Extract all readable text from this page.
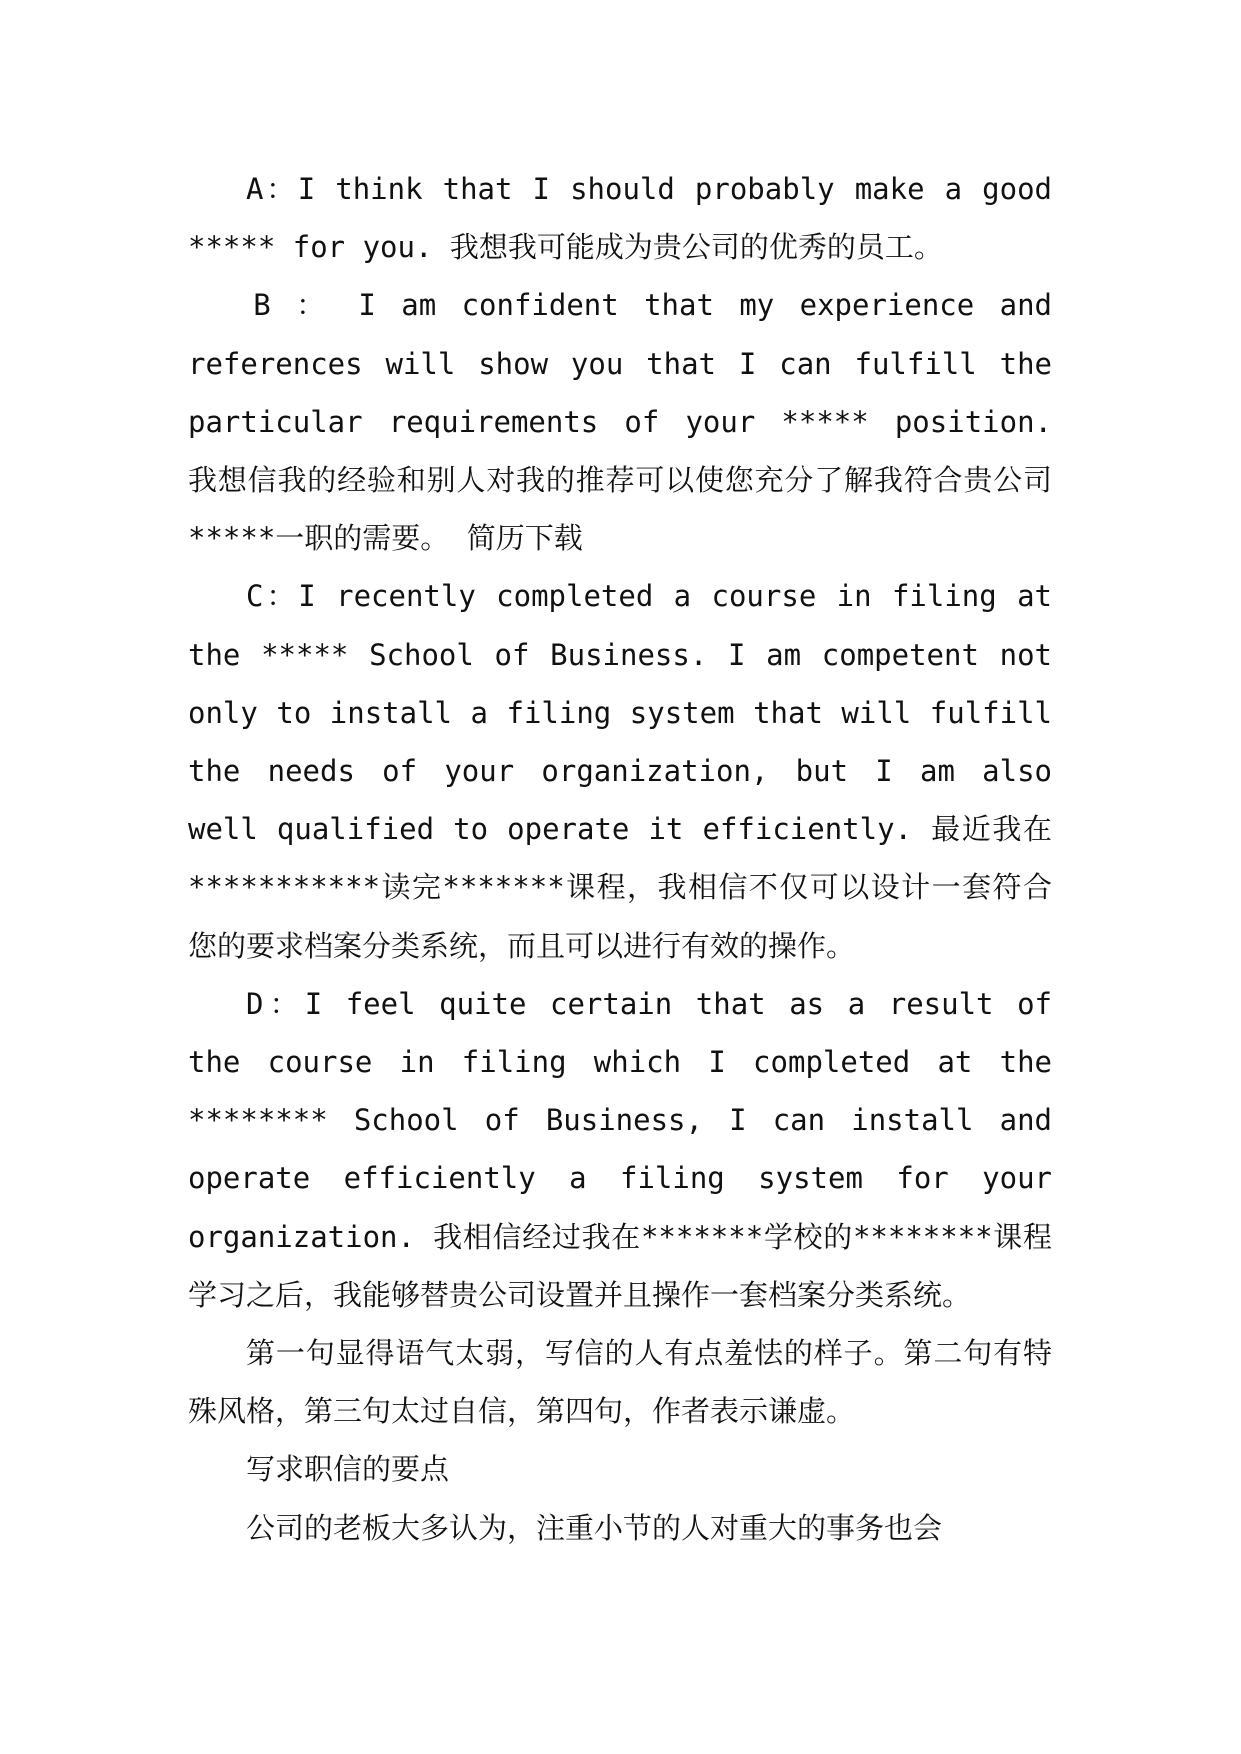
A：I think that I should probably make a good ***** for you. 我想我可能成为贵公司的优秀的员工。

B ： I am confident that my experience and references will show you that I can fulfill the particular requirements of your ***** position. 我想信我的经验和别人对我的推荐可以使您充分了解我符合贵公司*****一职的需要。 简历下载

C：I recently completed a course in filing at the ***** School of Business. I am competent not only to install a filing system that will fulfill the needs of your organization, but I am also well qualified to operate it efficiently. 最近我在***********读完*******课程，我相信不仅可以设计一套符合您的要求档案分类系统，而且可以进行有效的操作。

D：I feel quite certain that as a result of the course in filing which I completed at the ******** School of Business, I can install and operate efficiently a filing system for your organization. 我相信经过我在*******学校的********课程学习之后，我能够替贵公司设置并且操作一套档案分类系统。

第一句显得语气太弱，写信的人有点羞怯的样子。第二句有特殊风格，第三句太过自信，第四句，作者表示谦虚。

写求职信的要点

公司的老板大多认为，注重小节的人对重大的事务也会
